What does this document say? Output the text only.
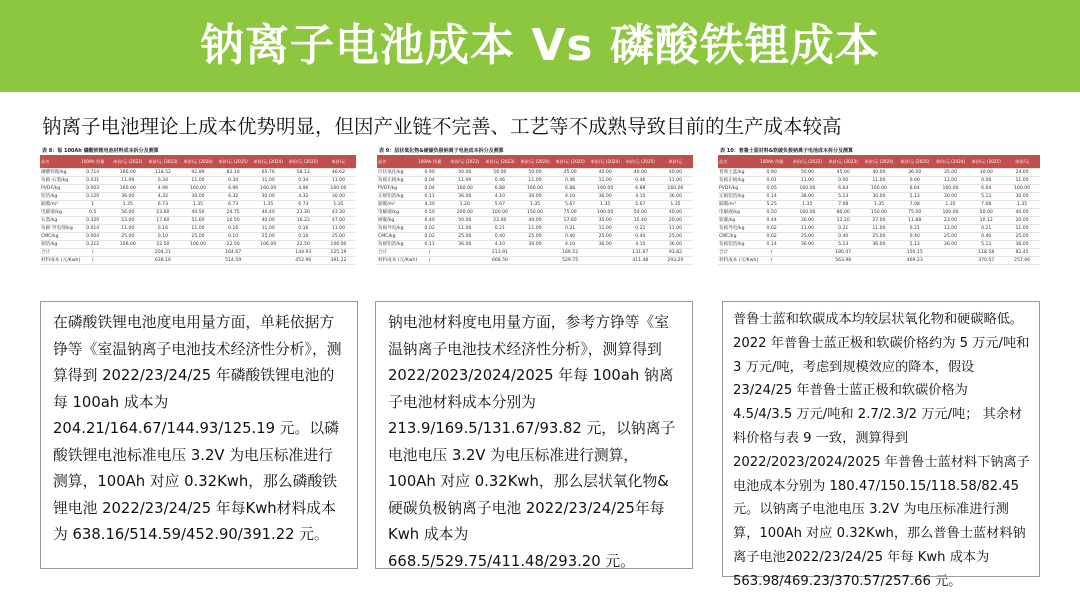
钠离子电池成本 Vs 磷酸铁锂成本
钠离子电池理论上成本优势明显，但因产业链不完善、工艺等不成熟导致目前的生产成本较高
表 8：每 100Ah 磷酸铁锂电池材料成本拆分及测算
品名	100Ah 用量	单价/元 (2022)	单价/元 (2023)	单价/元 (2024)	单价/元 (2025)	单价/元 (2024)	单价/元 (2025)	单价/元
磷酸铁锂/kg	0.714	166.00	118.52	92.89	82.10	65.76	58.12	46.62
负极-石墨/kg	0.031	11.09	0.34	11.00	0.34	11.00	0.34	11.00
PVDF/kg	0.003	160.00	4.96	160.00	4.96	160.00	4.96	160.00
铝箔/kg	0.120	36.00	4.32	30.00	4.32	30.00	4.32	30.00
隔膜/m²	1	1.35	6.73	1.35	6.73	1.35	6.73	1.35
电解液/kg	0.5	56.00	23.60	40.50	24.75	40.40	23.30	43.30
石墨/kg	0.320	53.00	17.60	51.60	16.50	40.00	16.22	47.00
负极-导电剂/kg	0.014	11.00	0.16	11.00	0.16	11.00	0.16	11.00
CMC/kg	0.004	25.00	0.10	25.00	0.10	25.00	0.10	25.00
铜箔/kg	0.212	106.00	22.50	106.00	22.50	106.00	22.50	106.00
合计	/		204.21		164.67		144.93	125.19
材料成本 (元/Kwh)	/		638.16		514.59		452.90	391.22
表 9：层状氧化物&硬碳负极钠离子电池成本拆分及测算
品名	100Ah 用量	单价/元 (2022)	单价/元 (2023)	单价/元 (2024)	单价/元 (2025)	单价/元 (2024)	单价/元 (2025)	单价/元
层状氧化/kg	0.90	50.00	56.00	50.00	45.00	40.00	40.00	40.00
负极正极/kg	0.04	11.09	0.46	11.00	0.46	11.00	0.46	11.00
PVDF/kg	0.04	160.00	6.88	160.00	6.88	160.00	6.88	160.00
正极铝箔/kg	0.11	36.00	4.10	36.00	4.10	36.00	4.10	36.00
隔膜/m²	4.30	1.20	5.67	1.35	5.67	1.35	5.67	1.35
电解液/kg	0.50	200.00	100.00	150.00	75.00	100.00	50.00	40.00
硬碳/kg	0.40	50.00	22.00	40.00	17.60	35.00	15.40	20.00
负极导电/kg	0.02	11.00	0.21	11.00	0.21	11.00	0.21	11.00
CMC/kg	0.02	25.00	0.40	25.00	0.40	25.00	0.40	25.00
负极铝箔/kg	0.11	36.00	4.10	36.00	4.10	36.00	4.10	36.00
合计	/		213.91		169.52		131.67	93.82
材料成本 (元/Kwh)	/		668.50		529.75		411.48	293.20
表 10：普鲁士蓝材料&软碳负极钠离子电池成本拆分及测算
品名	100Ah 用量	单价/元 (2022)	单价/元 (2023)	单价/元 (2024)	单价/元 (2025)	单价/元 (2024)	单价/元 (2025)	单价/元
普鲁士蓝/kg	0.90	50.00	45.00	40.00	36.00	35.00	30.00	24.00
负极正极/kg	0.01	11.00	0.00	11.00	0.00	11.00	0.00	11.00
PVDF/kg	0.05	160.00	6.64	160.00	6.64	160.00	6.64	160.00
正极铝箔/kg	0.14	38.00	5.13	30.00	5.13	30.00	5.13	30.00
隔膜/m²	5.25	1.35	7.08	1.35	7.08	1.35	7.08	1.35
电解液/kg	0.50	160.00	80.00	150.00	75.00	100.00	50.00	40.00
软碳/kg	0.44	30.00	13.20	27.00	11.88	23.00	10.12	20.00
负极导电/kg	0.02	11.00	0.21	11.00	0.21	11.00	0.21	11.00
CMC/kg	0.02	25.00	0.40	25.00	0.40	25.00	0.40	25.00
负极铝箔/kg	0.14	36.00	5.13	36.00	5.13	36.00	5.13	36.00
合计	/		180.47		150.15		118.58	82.45
材料成本 (元/Kwh)	/		563.98		469.23		370.57	257.66

在磷酸铁锂电池度电用量方面，单耗依据方铮等《室温钠离子电池技术经济性分析》，测算得到 2022/23/24/25 年磷酸铁锂电池的每 100ah 成本为 204.21/164.67/144.93/125.19 元。以磷酸铁锂电池标准电压 3.2V 为电压标准进行测算，100Ah 对应 0.32Kwh，那么磷酸铁锂电池 2022/23/24/25 年每Kwh材料成本为 638.16/514.59/452.90/391.22 元。

钠电池材料度电用量方面，参考方铮等《室温钠离子电池技术经济性分析》，测算得到 2022/2023/2024/2025 年每 100ah 钠离子电池材料成本分别为 213.9/169.5/131.67/93.82 元，以钠离子电池电压 3.2V 为电压标准进行测算，100Ah 对应 0.32Kwh，那么层状氧化物&硬碳负极钠离子电池 2022/23/24/25年每 Kwh 成本为 668.5/529.75/411.48/293.20 元。

普鲁士蓝和软碳成本均较层状氧化物和硬碳略低。2022 年普鲁士蓝正极和软碳价格约为 5 万元/吨和 3 万元/吨，考虑到规模效应的降本，假设 23/24/25 年普鲁士蓝正极和软碳价格为 4.5/4/3.5 万元/吨和 2.7/2.3/2 万元/吨； 其余材料价格与表 9 一致，测算得到 2022/2023/2024/2025 年普鲁士蓝材料下钠离子电池成本分别为 180.47/150.15/118.58/82.45 元。以钠离子电池电压 3.2V 为电压标准进行测算，100Ah 对应 0.32Kwh，那么普鲁士蓝材料钠离子电池2022/23/24/25 年每 Kwh 成本为 563.98/469.23/370.57/257.66 元。
